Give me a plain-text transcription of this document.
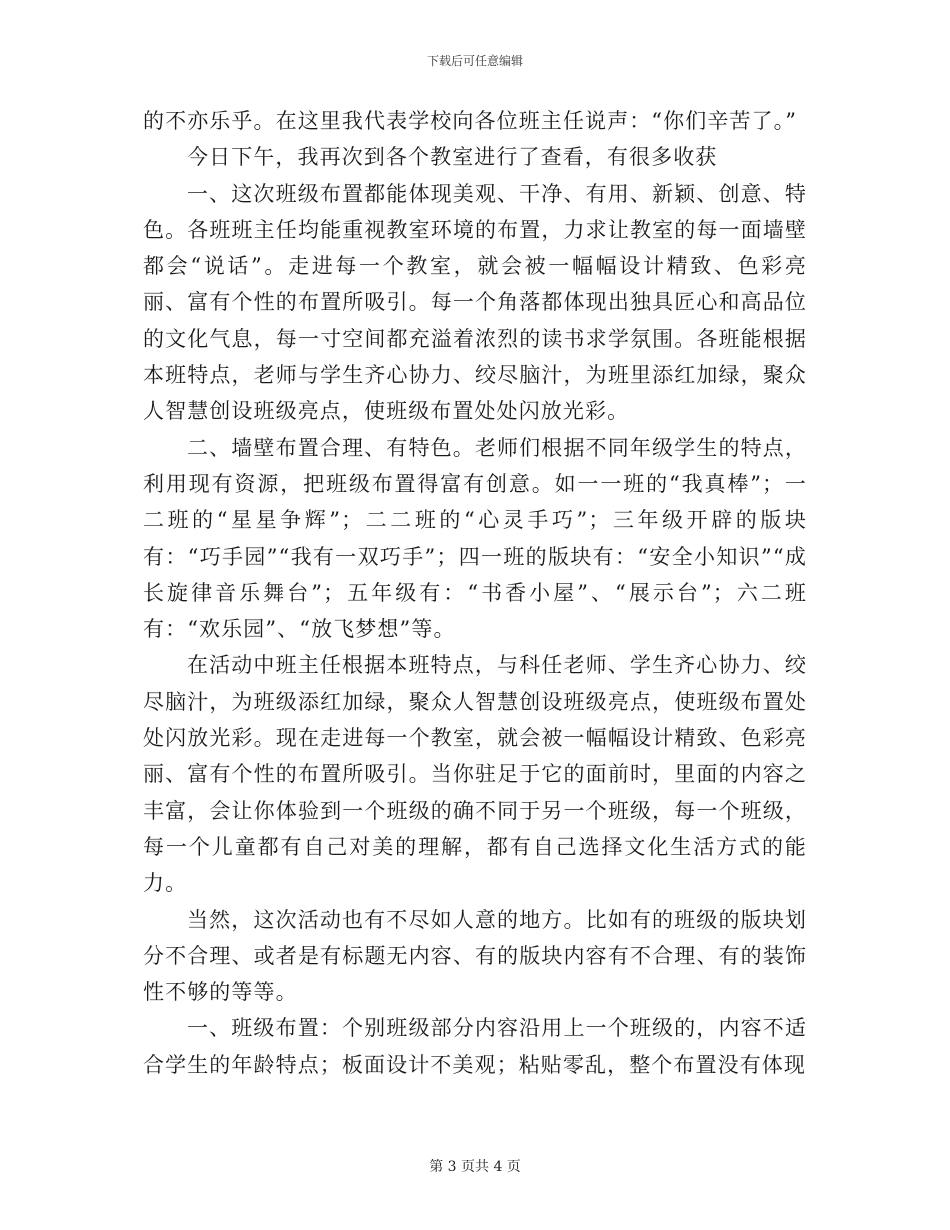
下载后可任意编辑

的不亦乐乎。在这里我代表学校向各位班主任说声：“你们辛苦了。”

今日下午，我再次到各个教室进行了查看，有很多收获

一、这次班级布置都能体现美观、干净、有用、新颖、创意、特色。各班班主任均能重视教室环境的布置，力求让教室的每一面墙壁都会“说话”。走进每一个教室，就会被一幅幅设计精致、色彩亮丽、富有个性的布置所吸引。每一个角落都体现出独具匠心和高品位的文化气息，每一寸空间都充溢着浓烈的读书求学氛围。各班能根据本班特点，老师与学生齐心协力、绞尽脑汁，为班里添红加绿，聚众人智慧创设班级亮点，使班级布置处处闪放光彩。

二、墙壁布置合理、有特色。老师们根据不同年级学生的特点，利用现有资源，把班级布置得富有创意。如一一班的“我真棒”；一二班的“星星争辉”；二二班的“心灵手巧”；三年级开辟的版块有：“巧手园”“我有一双巧手”；四一班的版块有：“安全小知识”“成长旋律音乐舞台”；五年级有：“书香小屋”、“展示台”；六二班有：“欢乐园”、“放飞梦想”等。

在活动中班主任根据本班特点，与科任老师、学生齐心协力、绞尽脑汁，为班级添红加绿，聚众人智慧创设班级亮点，使班级布置处处闪放光彩。现在走进每一个教室，就会被一幅幅设计精致、色彩亮丽、富有个性的布置所吸引。当你驻足于它的面前时，里面的内容之丰富，会让你体验到一个班级的确不同于另一个班级，每一个班级，每一个儿童都有自己对美的理解，都有自己选择文化生活方式的能力。

当然，这次活动也有不尽如人意的地方。比如有的班级的版块划分不合理、或者是有标题无内容、有的版块内容有不合理、有的装饰性不够的等等。

一、班级布置：个别班级部分内容沿用上一个班级的，内容不适合学生的年龄特点；板面设计不美观；粘贴零乱，整个布置没有体现

第 3 页共 4 页
